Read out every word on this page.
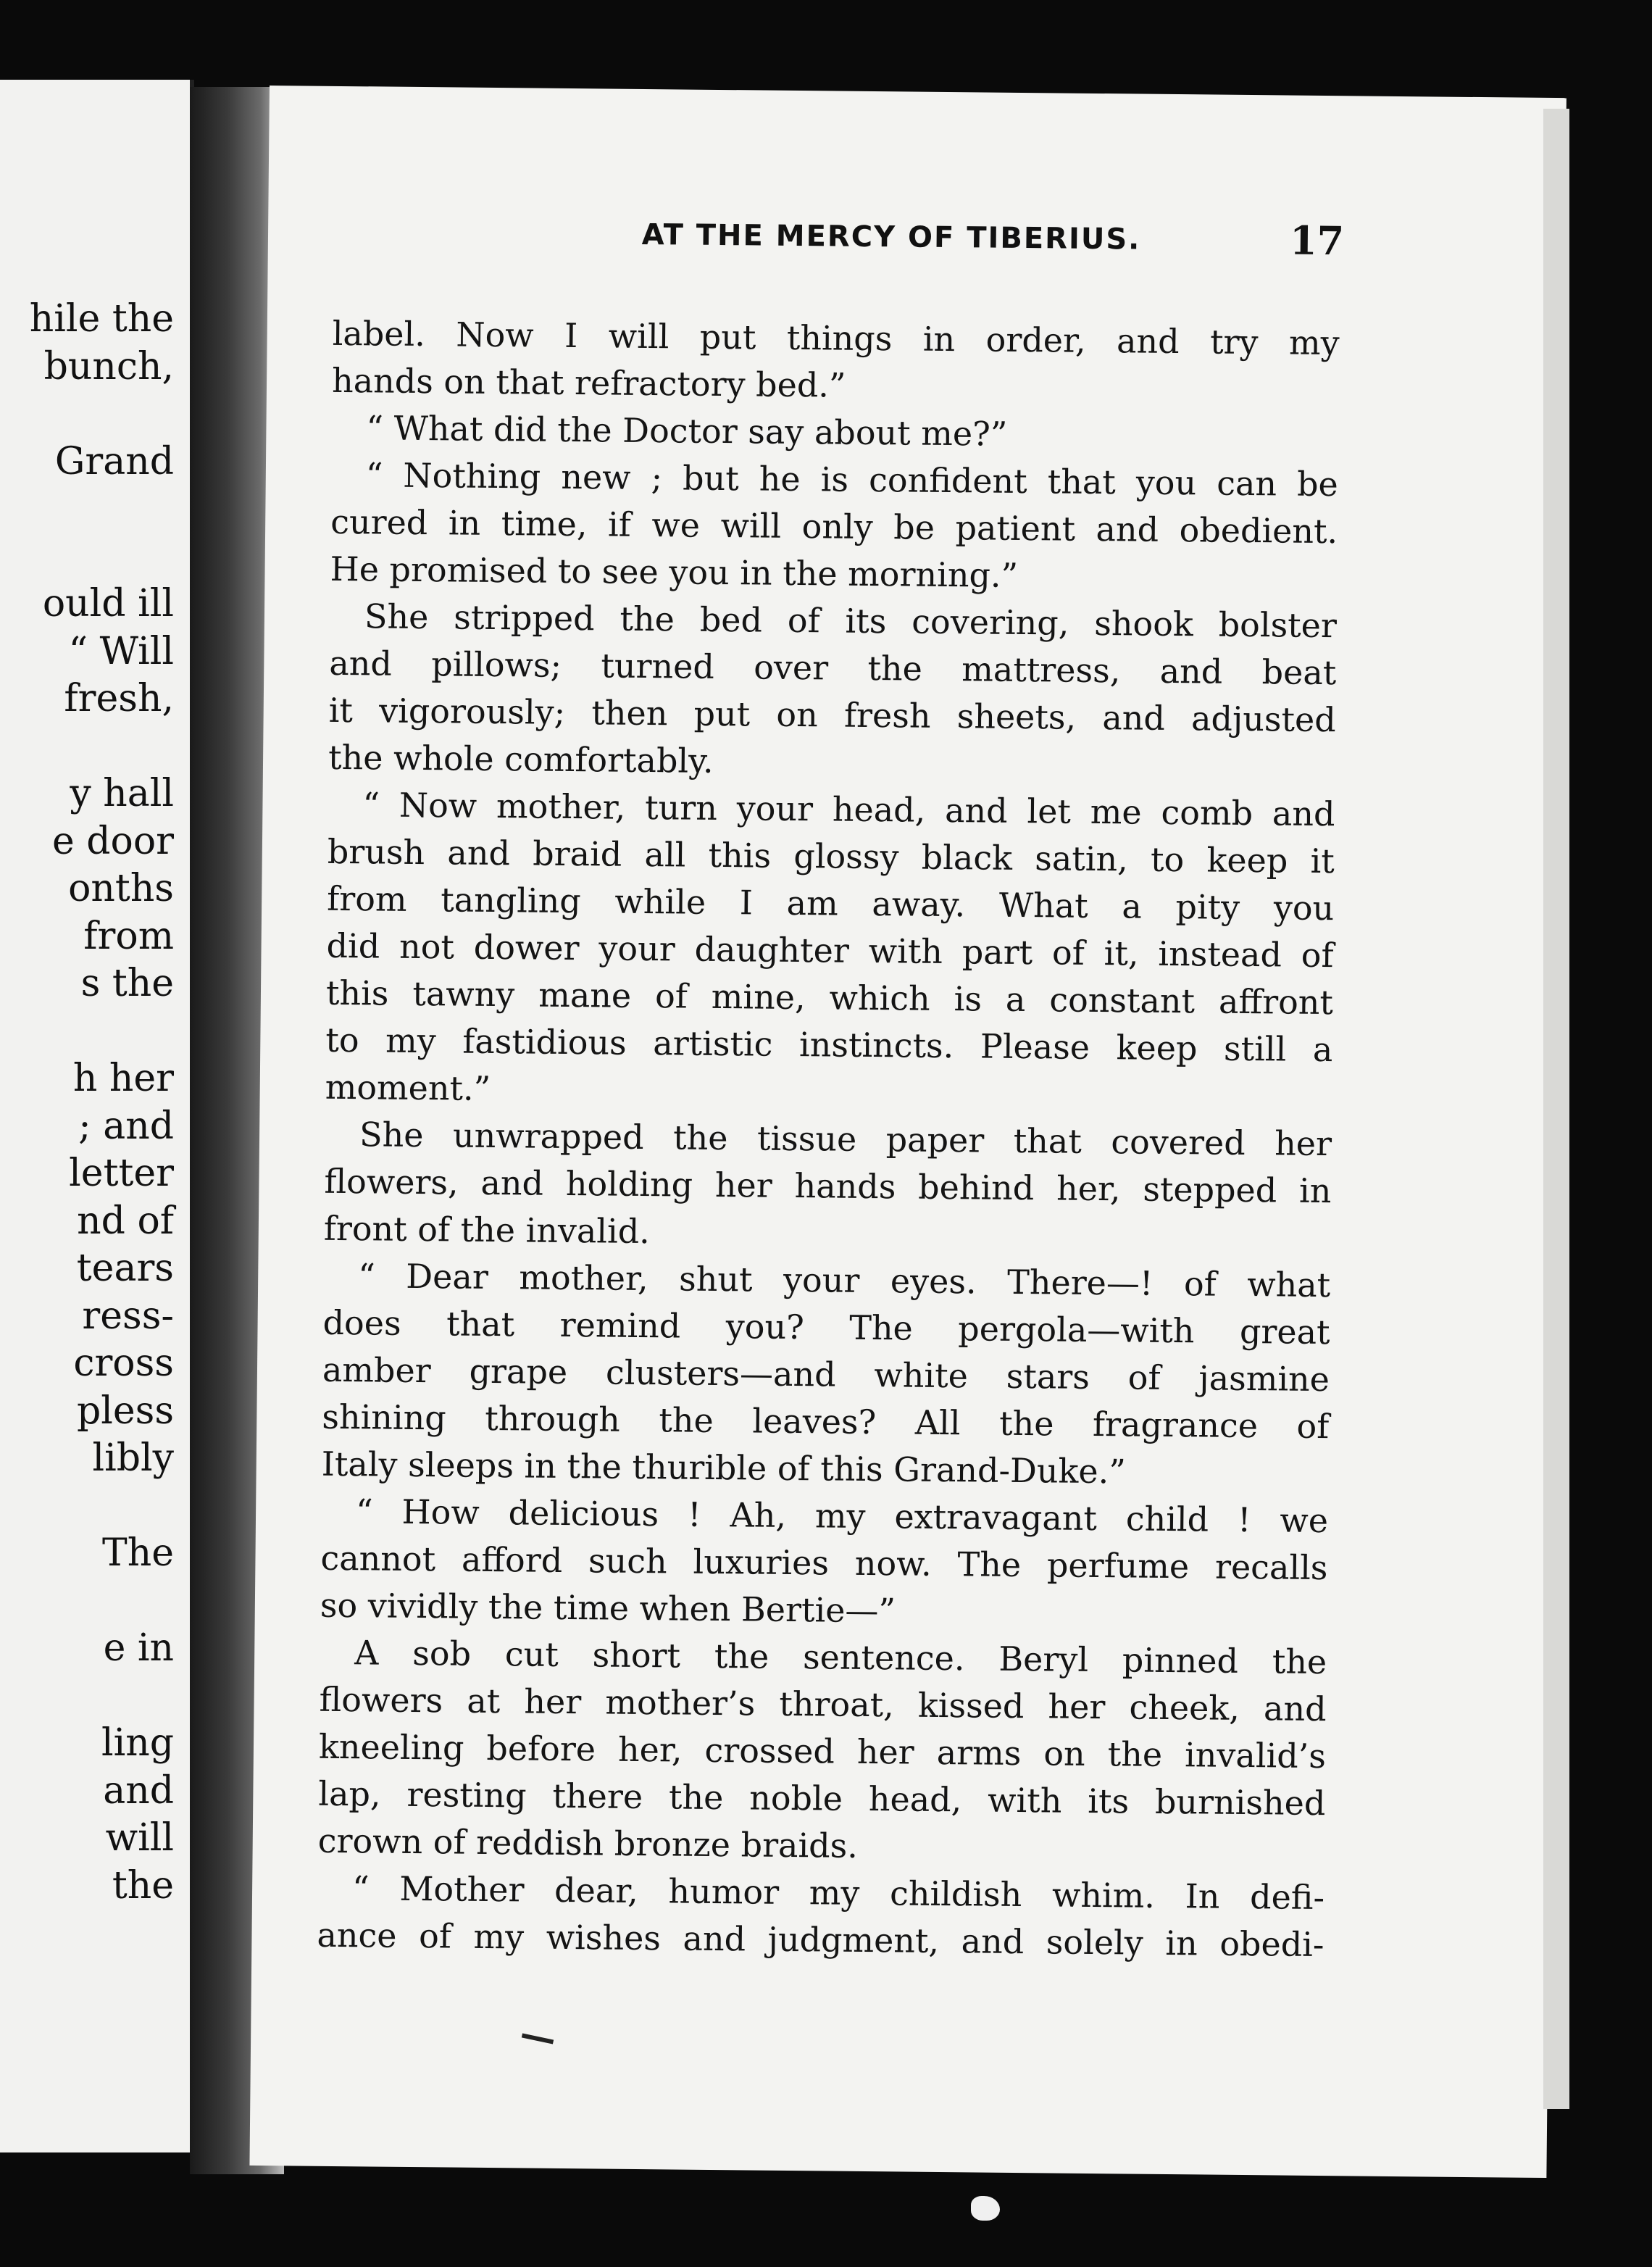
hile the
bunch,
Grand
ould ill
“ Will
fresh,
y hall
e door
onths
from
s the
h her
; and
letter
nd of
tears
ress-
cross
pless
libly
The
e in
ling
and
will
the
AT THE MERCY OF TIBERIUS.	17
label. Now I will put things in order, and try my
hands on that refractory bed.”
“ What did the Doctor say about me?”
“ Nothing new ; but he is confident that you can be
cured in time, if we will only be patient and obedient.
He promised to see you in the morning.”
She stripped the bed of its covering, shook bolster
and pillows; turned over the mattress, and beat
it vigorously; then put on fresh sheets, and adjusted
the whole comfortably.
“ Now mother, turn your head, and let me comb and
brush and braid all this glossy black satin, to keep it
from tangling while I am away. What a pity you
did not dower your daughter with part of it, instead of
this tawny mane of mine, which is a constant affront
to my fastidious artistic instincts. Please keep still a
moment.”
She unwrapped the tissue paper that covered her
flowers, and holding her hands behind her, stepped in
front of the invalid.
“ Dear mother, shut your eyes. There—! of what
does that remind you? The pergola—with great
amber grape clusters—and white stars of jasmine
shining through the leaves? All the fragrance of
Italy sleeps in the thurible of this Grand-Duke.”
“ How delicious ! Ah, my extravagant child ! we
cannot afford such luxuries now. The perfume recalls
so vividly the time when Bertie—”
A sob cut short the sentence. Beryl pinned the
flowers at her mother’s throat, kissed her cheek, and
kneeling before her, crossed her arms on the invalid’s
lap, resting there the noble head, with its burnished
crown of reddish bronze braids.
“ Mother dear, humor my childish whim. In defi-
ance of my wishes and judgment, and solely in obedi-
